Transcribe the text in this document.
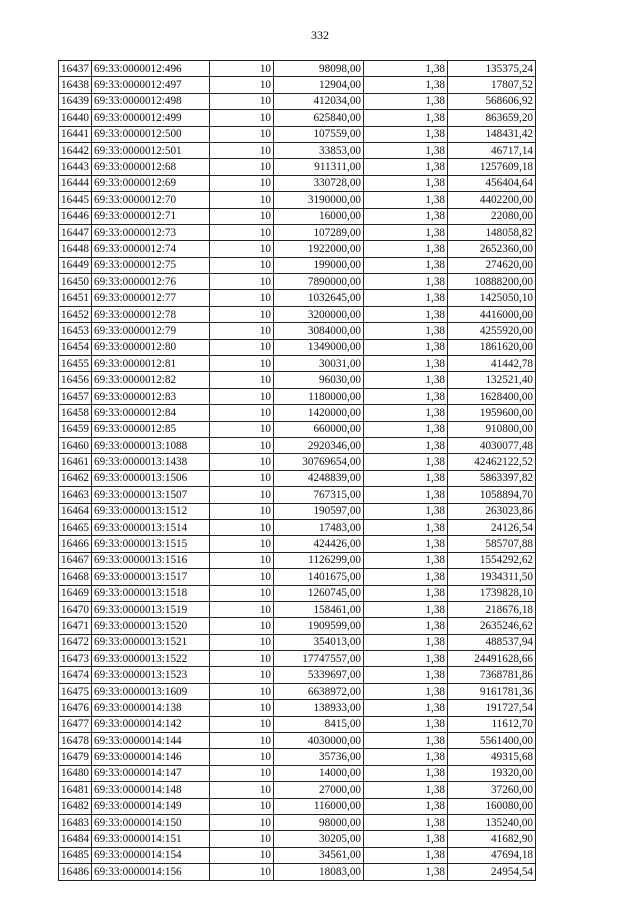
332
16437	69:33:0000012:496	10	98098,00	1,38	135375,24
16438	69:33:0000012:497	10	12904,00	1,38	17807,52
16439	69:33:0000012:498	10	412034,00	1,38	568606,92
16440	69:33:0000012:499	10	625840,00	1,38	863659,20
16441	69:33:0000012:500	10	107559,00	1,38	148431,42
16442	69:33:0000012:501	10	33853,00	1,38	46717,14
16443	69:33:0000012:68	10	911311,00	1,38	1257609,18
16444	69:33:0000012:69	10	330728,00	1,38	456404,64
16445	69:33:0000012:70	10	3190000,00	1,38	4402200,00
16446	69:33:0000012:71	10	16000,00	1,38	22080,00
16447	69:33:0000012:73	10	107289,00	1,38	148058,82
16448	69:33:0000012:74	10	1922000,00	1,38	2652360,00
16449	69:33:0000012:75	10	199000,00	1,38	274620,00
16450	69:33:0000012:76	10	7890000,00	1,38	10888200,00
16451	69:33:0000012:77	10	1032645,00	1,38	1425050,10
16452	69:33:0000012:78	10	3200000,00	1,38	4416000,00
16453	69:33:0000012:79	10	3084000,00	1,38	4255920,00
16454	69:33:0000012:80	10	1349000,00	1,38	1861620,00
16455	69:33:0000012:81	10	30031,00	1,38	41442,78
16456	69:33:0000012:82	10	96030,00	1,38	132521,40
16457	69:33:0000012:83	10	1180000,00	1,38	1628400,00
16458	69:33:0000012:84	10	1420000,00	1,38	1959600,00
16459	69:33:0000012:85	10	660000,00	1,38	910800,00
16460	69:33:0000013:1088	10	2920346,00	1,38	4030077,48
16461	69:33:0000013:1438	10	30769654,00	1,38	42462122,52
16462	69:33:0000013:1506	10	4248839,00	1,38	5863397,82
16463	69:33:0000013:1507	10	767315,00	1,38	1058894,70
16464	69:33:0000013:1512	10	190597,00	1,38	263023,86
16465	69:33:0000013:1514	10	17483,00	1,38	24126,54
16466	69:33:0000013:1515	10	424426,00	1,38	585707,88
16467	69:33:0000013:1516	10	1126299,00	1,38	1554292,62
16468	69:33:0000013:1517	10	1401675,00	1,38	1934311,50
16469	69:33:0000013:1518	10	1260745,00	1,38	1739828,10
16470	69:33:0000013:1519	10	158461,00	1,38	218676,18
16471	69:33:0000013:1520	10	1909599,00	1,38	2635246,62
16472	69:33:0000013:1521	10	354013,00	1,38	488537,94
16473	69:33:0000013:1522	10	17747557,00	1,38	24491628,66
16474	69:33:0000013:1523	10	5339697,00	1,38	7368781,86
16475	69:33:0000013:1609	10	6638972,00	1,38	9161781,36
16476	69:33:0000014:138	10	138933,00	1,38	191727,54
16477	69:33:0000014:142	10	8415,00	1,38	11612,70
16478	69:33:0000014:144	10	4030000,00	1,38	5561400,00
16479	69:33:0000014:146	10	35736,00	1,38	49315,68
16480	69:33:0000014:147	10	14000,00	1,38	19320,00
16481	69:33:0000014:148	10	27000,00	1,38	37260,00
16482	69:33:0000014:149	10	116000,00	1,38	160080,00
16483	69:33:0000014:150	10	98000,00	1,38	135240,00
16484	69:33:0000014:151	10	30205,00	1,38	41682,90
16485	69:33:0000014:154	10	34561,00	1,38	47694,18
16486	69:33:0000014:156	10	18083,00	1,38	24954,54
